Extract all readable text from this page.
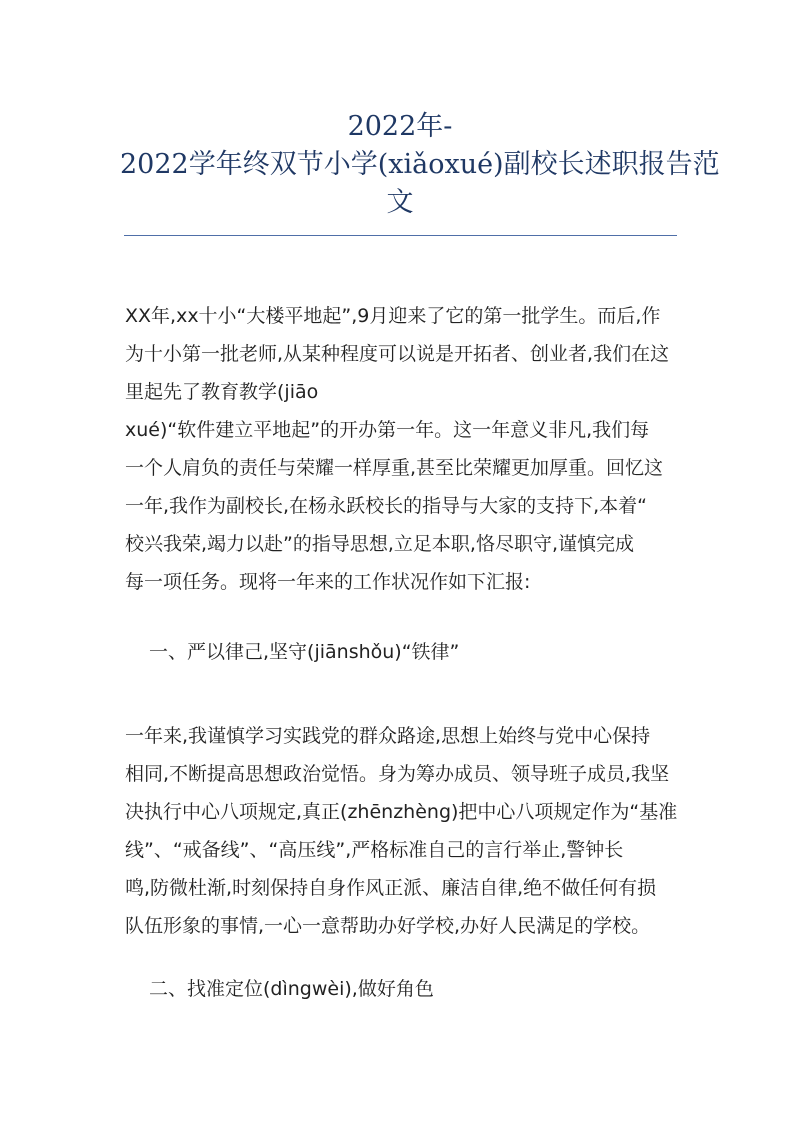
2022年-
2022学年终双节小学(xiǎoxué)副校长述职报告范
文
XX年,xx十小“大楼平地起”,9月迎来了它的第一批学生。而后,作
为十小第一批老师,从某种程度可以说是开拓者、创业者,我们在这
里起先了教育教学(jiāo
xué)“软件建立平地起”的开办第一年。这一年意义非凡,我们每
一个人肩负的责任与荣耀一样厚重,甚至比荣耀更加厚重。回忆这
一年,我作为副校长,在杨永跃校长的指导与大家的支持下,本着“
校兴我荣,竭力以赴”的指导思想,立足本职,恪尽职守,谨慎完成
每一项任务。现将一年来的工作状况作如下汇报:
一、严以律己,坚守(jiānshǒu)“铁律”
一年来,我谨慎学习实践党的群众路途,思想上始终与党中心保持
相同,不断提高思想政治觉悟。身为筹办成员、领导班子成员,我坚
决执行中心八项规定,真正(zhēnzhèng)把中心八项规定作为“基准
线”、“戒备线”、“高压线”,严格标准自己的言行举止,警钟长
鸣,防微杜渐,时刻保持自身作风正派、廉洁自律,绝不做任何有损
队伍形象的事情,一心一意帮助办好学校,办好人民满足的学校。
二、找准定位(dìngwèi),做好角色
